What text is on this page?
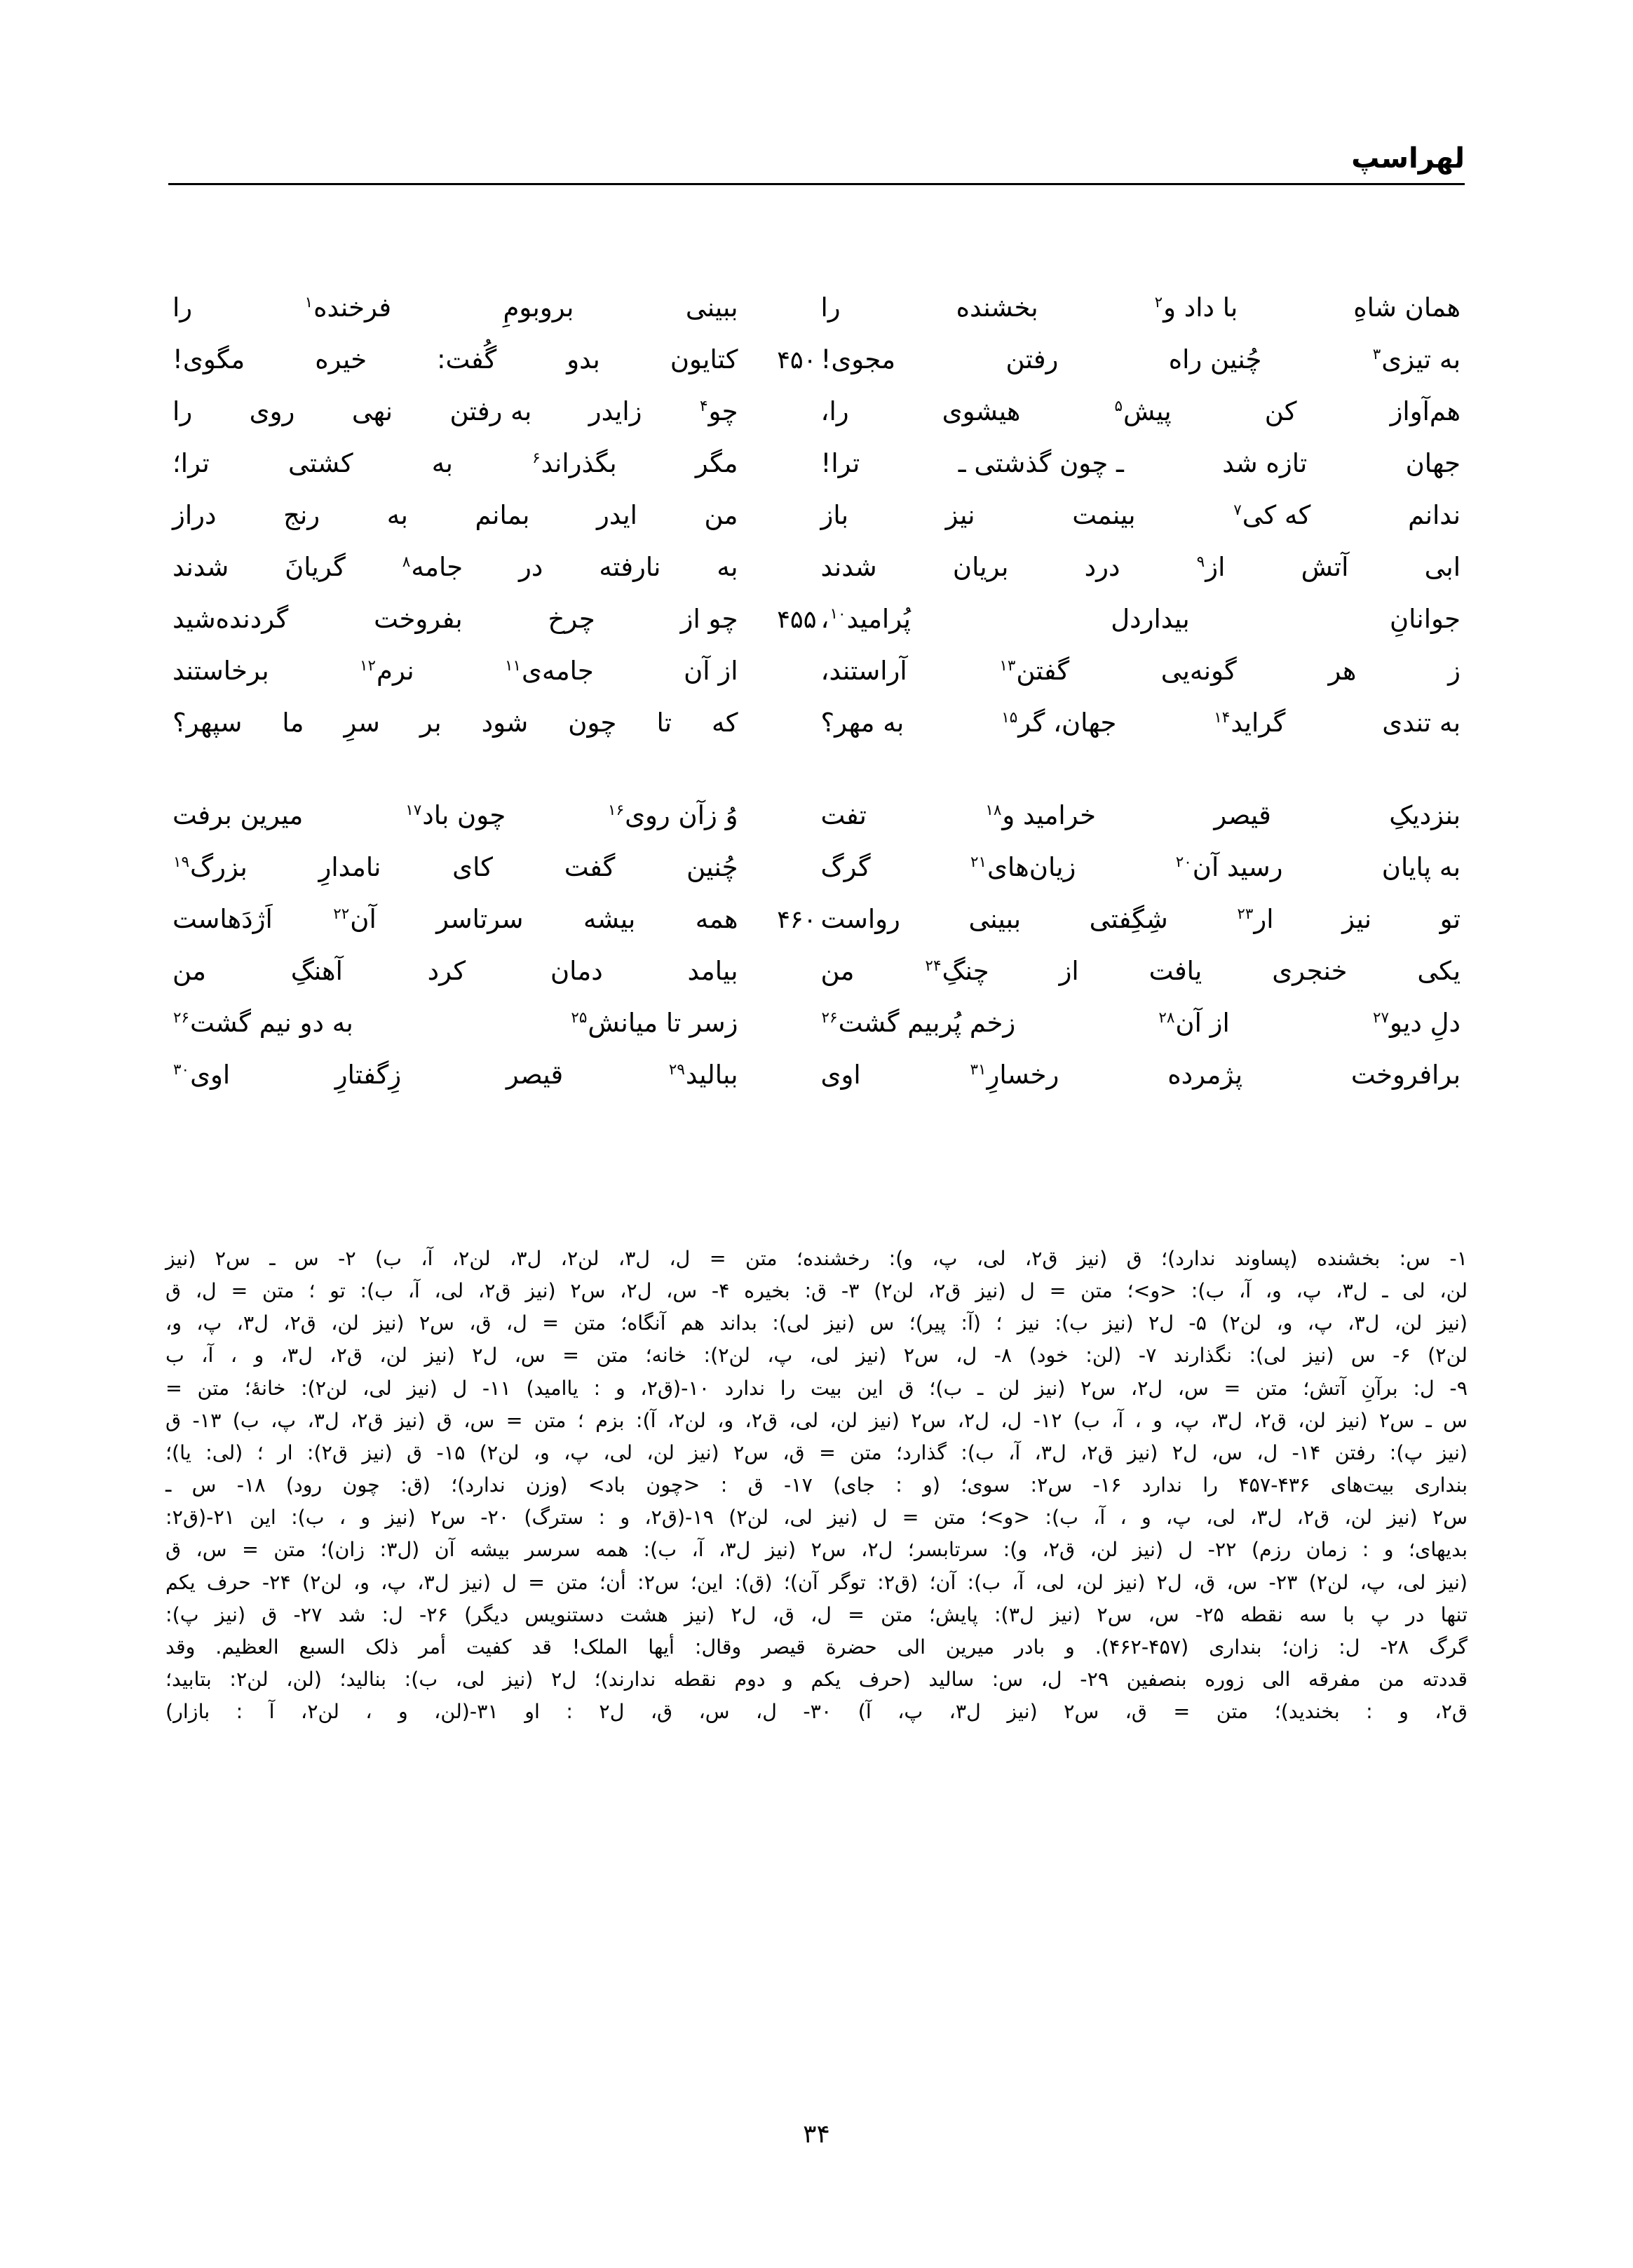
لهراسپ
همان شاهِ
با داد و$^۲$
بخشنده
را
ببینی
بروبومِ
فرخنده$^۱$
را
به تیزی$^۳$
چُنین راه
رفتن
مجوی!
۴۵۰
کتایون
بدو
گُفت:
خیره
مگوی!
هم‌آواز
کن
پیش$^۵$
هیشوی
را،
چو$^۴$
زایدر
به رفتن
نهی
روی
را
جهان
تازه شد
ـ چون گذشتی ـ
ترا!
مگر
بگذراند$^۶$
به
کشتی
ترا؛
ندانم
که کی$^۷$
بینمت
نیز
باز
من
ایدر
بمانم
به
رنج
دراز
ابی
آتش
از$^۹$
درد
بریان
شدند
به
نارفته
در
جامه$^۸$
گریانَ
شدند
جوانانِ
بیداردل
پُرامید$^{۱۰}$،
۴۵۵
چو از
چرخ
بفروخت
گردنده‌شید
ز
هر
گونه‌یی
گفتن$^{۱۳}$
آراستند،
از آن
جامه‌ی$^{۱۱}$
نرم$^{۱۲}$
برخاستند
به تندی
گراید$^{۱۴}$
جهان، گر$^{۱۵}$
به مهر؟
که
تا
چون
شود
بر
سرِ
ما
سپهر؟
بنزدیکِ
قیصر
خرامید و$^{۱۸}$
تفت
وُ زآن روی$^{۱۶}$
چون باد$^{۱۷}$
میرین برفت
به پایان
رسید آن$^{۲۰}$
زیان‌های$^{۲۱}$
گرگ
چُنین
گفت
کای
نامدارِ
بزرگ$^{۱۹}$
تو
نیز
ار$^{۲۳}$
شِگِفتی
ببینی
رواست
۴۶۰
همه
بیشه
سرتاسر
آن$^{۲۲}$
اَژدَهاست
یکی
خنجری
یافت
از
چنگِ$^{۲۴}$
من
بیامد
دمان
کرد
آهنگِ
من
دلِ دیو$^{۲۷}$
از آن$^{۲۸}$
زخم پُربیم گشت$^{۲۶}$
زسر تا میانش$^{۲۵}$
به دو نیم گشت$^{۲۶}$
برافروخت
پژمرده
رخسارِ$^{۳۱}$
اوی
ببالید$^{۲۹}$
قیصر
زِگفتارِ
اوی$^{۳۰}$

۱- س: بخشنده (پساوند ندارد)؛ ق (نیز ق۲، لی، پ، و): رخشنده؛ متن = ل، ل۳، لن۲، ل۳، لن۲، آ، ب) ۲- س ـ س۲ (نیز

لن، لی ـ ل۳، پ، و، آ، ب): <و>؛ متن = ل (نیز ق۲، لن۲) ۳- ق: بخیره ۴- س، ل۲، س۲ (نیز ق۲، لی، آ، ب): تو ؛ متن = ل، ق

(نیز لن، ل۳، پ، و، لن۲) ۵- ل۲ (نیز ب): نیز ؛ (آ: پیر)؛ س (نیز لی): بداند هم آنگاه؛ متن = ل، ق، س۲ (نیز لن، ق۲، ل۳، پ، و،

لن۲) ۶- س (نیز لی): نگذارند ۷- (لن: خود) ۸- ل، س۲ (نیز لی، پ، لن۲): خانه؛ متن = س، ل۲ (نیز لن، ق۲، ل۳، و ، آ، ب

۹- ل: برآنِ آتش؛ متن = س، ل۲، س۲ (نیز لن ـ ب)؛ ق این بیت را ندارد ۱۰-(ق۲، و : یاامید) ۱۱- ل (نیز لی، لن۲): خانهٔ؛ متن =

س ـ س۲ (نیز لن، ق۲، ل۳، پ، و ، آ، ب) ۱۲- ل، ل۲، س۲ (نیز لن، لی، ق۲، و، لن۲، آ): بزم ؛ متن = س، ق (نیز ق۲، ل۳، پ، ب) ۱۳- ق

(نیز پ): رفتن ۱۴- ل، س، ل۲ (نیز ق۲، ل۳، آ، ب): گذارد؛ متن = ق، س۲ (نیز لن، لی، پ، و، لن۲) ۱۵- ق (نیز ق۲): ار ؛ (لی: یا)؛

بنداری بیت‌های ۴۳۶-۴۵۷ را ندارد ۱۶- س۲: سوی؛ (و : جای) ۱۷- ق : <چون باد> (وزن ندارد)؛ (ق: چون رود) ۱۸- س ـ

س۲ (نیز لن، ق۲، ل۳، لی، پ، و ، آ، ب): <و>؛ متن = ل (نیز لی، لن۲) ۱۹-(ق۲، و : سترگ) ۲۰- س۲ (نیز و ، ب): این ۲۱-(ق۲:

بدیهای؛ و : زمان رزم) ۲۲- ل (نیز لن، ق۲، و): سرتابسر؛ ل۲، س۲ (نیز ل۳، آ، ب): همه سرسر بیشه آن (ل۳: زان)؛ متن = س، ق

(نیز لی، پ، لن۲) ۲۳- س، ق، ل۲ (نیز لن، لی، آ، ب): آن؛ (ق۲: توگر آن)؛ (ق): این؛ س۲: أن؛ متن = ل (نیز ل۳، پ، و، لن۲) ۲۴- حرف یکم

تنها در پ با سه نقطه ۲۵- س، س۲ (نیز ل۳): پایش؛ متن = ل، ق، ل۲ (نیز هشت دستنویس دیگر) ۲۶- ل: شد ۲۷- ق (نیز پ):

گرگ ۲۸- ل: زان؛ بنداری (۴۵۷-۴۶۲). و بادر میرین الی حضرة قیصر وقال: أیها الملک! قد کفیت أمر ذلک السبع العظیم. وقد

قددته من مفرقه الی زوره بنصفین ۲۹- ل، س: سالید (حرف یکم و دوم نقطه ندارند)؛ ل۲ (نیز لی، ب): بنالید؛ (لن، لن۲: بتابید؛

ق۲، و : بخندید)؛ متن = ق، س۲ (نیز ل۳، پ، آ) ۳۰- ل، س، ق، ل۲ : او ۳۱-(لن، و ، لن۲، آ : بازار)

۳۴
